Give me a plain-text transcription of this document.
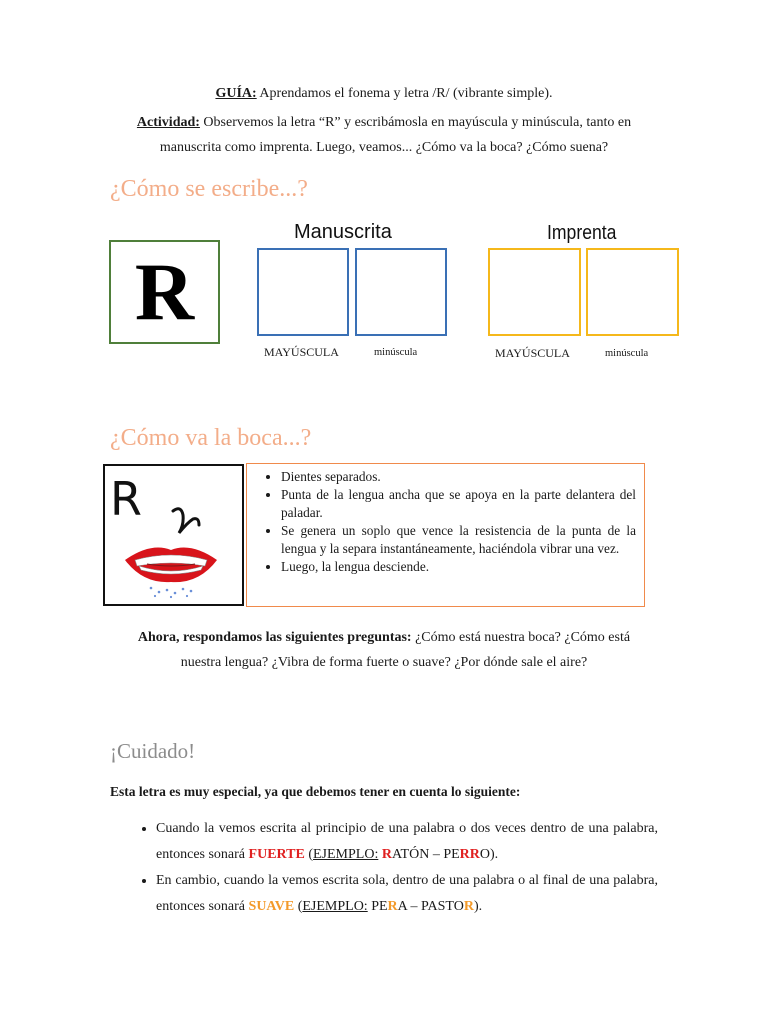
GUÍA: Aprendamos el fonema y letra /R/ (vibrante simple).
Actividad: Observemos la letra “R” y escribámosla en mayúscula y minúscula, tanto en
manuscrita como imprenta. Luego, veamos... ¿Cómo va la boca? ¿Cómo suena?
¿Cómo se escribe...?
R
Manuscrita
MAYÚSCULA	minúscula
Imprenta
MAYÚSCULA	minúscula
¿Cómo va la boca...?
R
•	Dientes separados.
• Punta de la lengua ancha que se apoya en la parte delantera del paladar.
• Se genera un soplo que vence la resistencia de la punta de la lengua y la separa instantáneamente, haciéndola vibrar una vez.
• Luego, la lengua desciende.
Ahora, respondamos las siguientes preguntas: ¿Cómo está nuestra boca? ¿Cómo está
nuestra lengua? ¿Vibra de forma fuerte o suave? ¿Por dónde sale el aire?
¡Cuidado!
Esta letra es muy especial, ya que debemos tener en cuenta lo siguiente:
• Cuando la vemos escrita al principio de una palabra o dos veces dentro de una palabra, entonces sonará FUERTE (EJEMPLO: RATÓN – PERRO).
• En cambio, cuando la vemos escrita sola, dentro de una palabra o al final de una palabra, entonces sonará SUAVE (EJEMPLO: PERA – PASTOR).
